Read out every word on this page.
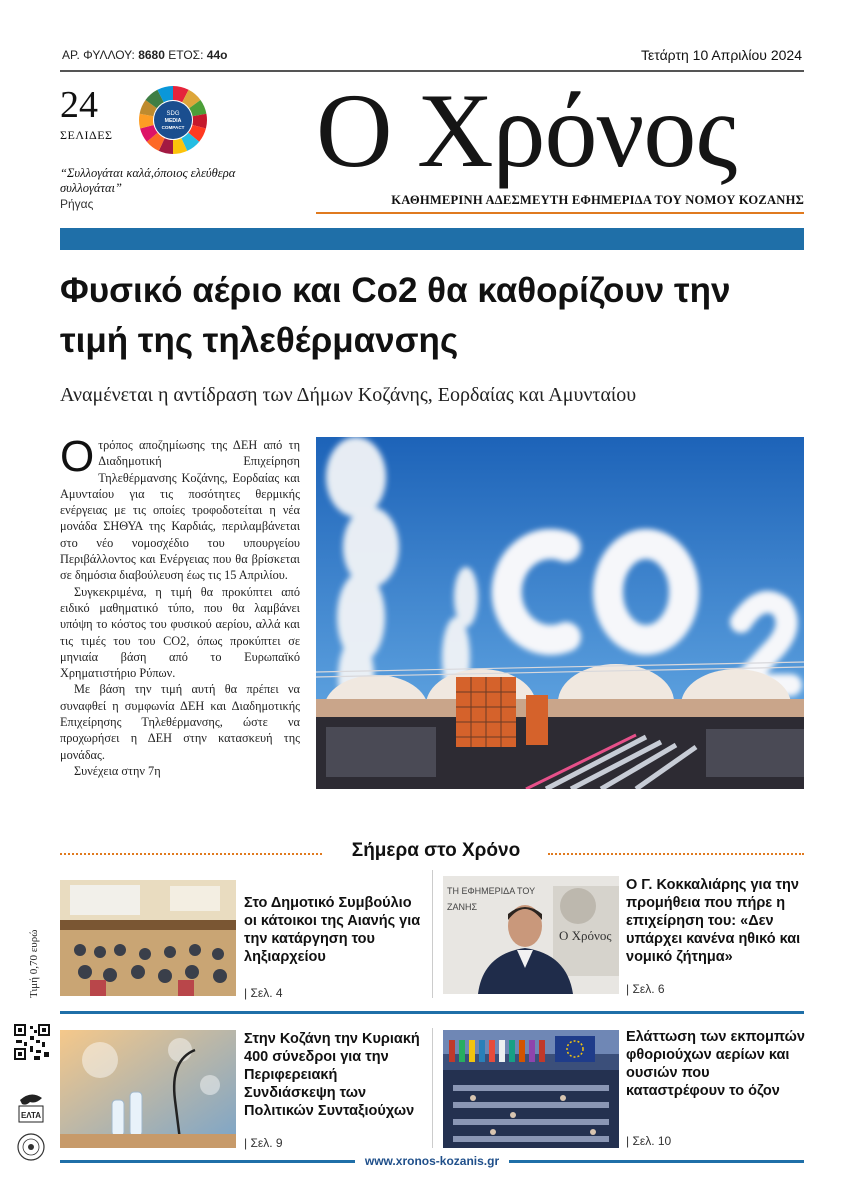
ΑΡ. ΦΥΛΛΟΥ: 8680 ΕΤΟΣ: 44ο	Τετάρτη 10 Απριλίου 2024
24
ΣΕΛΙΔΕΣ
SDG
MEDIA
COMPACT
“Συλλογάται καλά,όποιος ελεύθερα συλλογάται”
Ρήγας
Ο Χρόνος
ΚΑΘΗΜΕΡΙΝΗ ΑΔΕΣΜΕΥΤΗ ΕΦΗΜΕΡΙΔΑ ΤΟΥ ΝΟΜΟΥ ΚΟΖΑΝΗΣ
Φυσικό αέριο και Co2 θα καθορίζουν την τιμή της τηλεθέρμανσης
Αναμένεται η αντίδραση των Δήμων Κοζάνης, Εορδαίας και Αμυνταίου

Οτρόπος αποζημίωσης της ΔΕΗ από τη Διαδημοτική Επιχείρηση Τηλεθέρμανσης Κοζάνης, Εορδαίας και Αμυνταίου για τις ποσότητες θερμικής ενέργειας με τις οποίες τροφοδοτείται η νέα μονάδα ΣΗΘΥΑ της Καρδιάς, περιλαμβάνεται στο νέο νομοσχέδιο του υπουργείου Περιβάλλοντος και Ενέργειας που θα βρίσκεται σε δημόσια διαβούλευση έως τις 15 Απριλίου.

Συγκεκριμένα, η τιμή θα προκύπτει από ειδικό μαθηματικό τύπο, που θα λαμβάνει υπόψη το κόστος του φυσικού αερίου, αλλά και τις τιμές του του CO2, όπως προκύπτει σε μηνιαία βάση από το Ευρωπαϊκό Χρηματιστήριο Ρύπων.

Με βάση την τιμή αυτή θα πρέπει να συναφθεί η συμφωνία ΔΕΗ και Διαδημοτικής Επιχείρησης Τηλεθέρμανσης, ώστε να προχωρήσει η ΔΕΗ στην κατασκευή της μονάδας.

Συνέχεια στην 7η

Σήμερα στο Χρόνο
Τιμή 0,70 ευρώ
Στο Δημοτικό Συμβούλιο οι κάτοικοι της Αιανής για την κατάργηση του ληξιαρχείου
| Σελ. 4
ΤΗ ΕΦΗΜΕΡΙΔΑ ΤΟΥ
ΖΑΝΗΣ
Ο Χρόνος
Ο Γ. Κοκκαλιάρης για την προμήθεια που πήρε η επιχείρηση του: «Δεν υπάρχει κανένα ηθικό και νομικό ζήτημα»
| Σελ. 6
Στην Κοζάνη την Κυριακή 400 σύνεδροι για την Περιφερειακή Συνδιάσκεψη των Πολιτικών Συνταξιούχων
| Σελ. 9
Ελάττωση των εκπομπών φθοριούχων αερίων και ουσιών που καταστρέφουν το όζον
| Σελ. 10
ΕΛΤΑ
www.xronos-kozanis.gr
